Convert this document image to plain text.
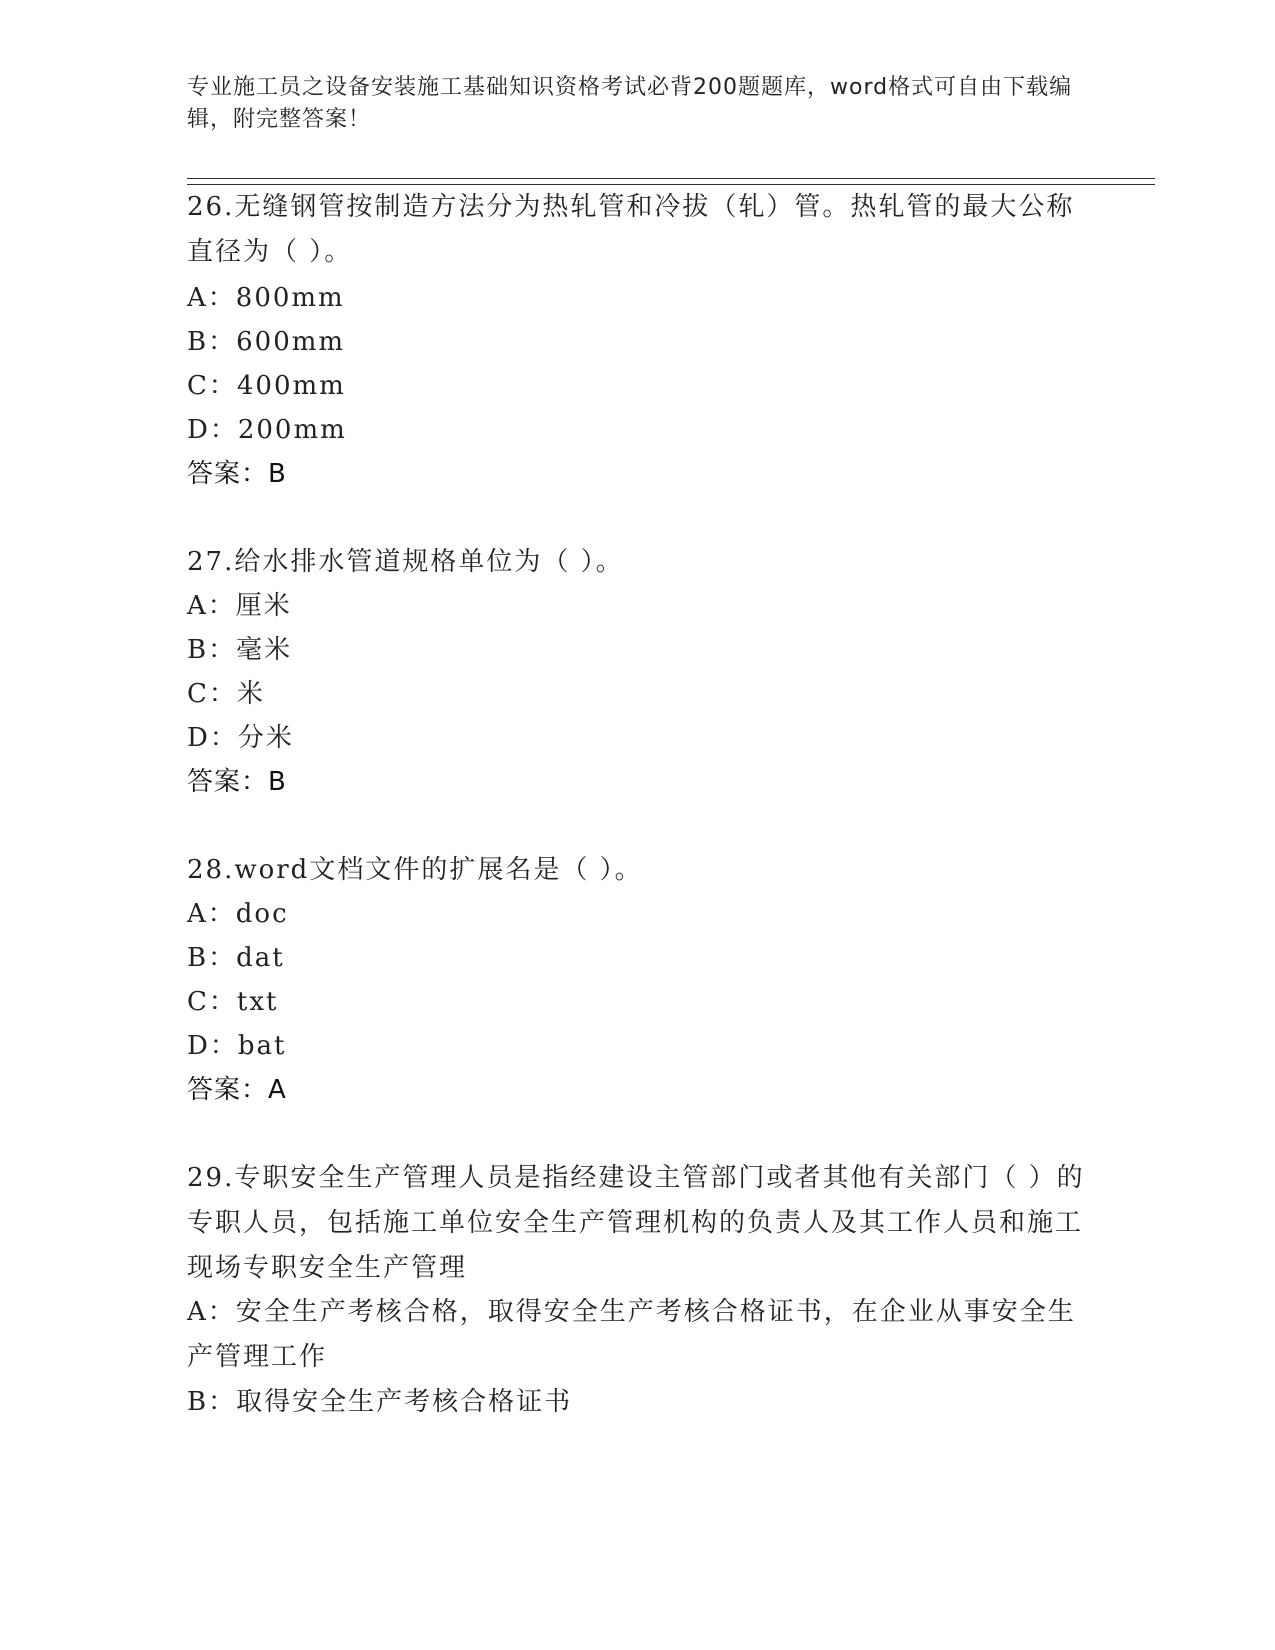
专业施工员之设备安装施工基础知识资格考试必背200题题库，word格式可自由下载编辑，附完整答案！
26.无缝钢管按制造方法分为热轧管和冷拔（轧）管。热轧管的最大公称直径为（ ）。
A：800mm
B：600mm
C：400mm
D：200mm
答案：B
27.给水排水管道规格单位为（ ）。
A：厘米
B：毫米
C：米
D：分米
答案：B
28.word文档文件的扩展名是（ ）。
A：doc
B：dat
C：txt
D：bat
答案：A
29.专职安全生产管理人员是指经建设主管部门或者其他有关部门（ ）的专职人员，包括施工单位安全生产管理机构的负责人及其工作人员和施工现场专职安全生产管理
A：安全生产考核合格，取得安全生产考核合格证书，在企业从事安全生产管理工作
B：取得安全生产考核合格证书
